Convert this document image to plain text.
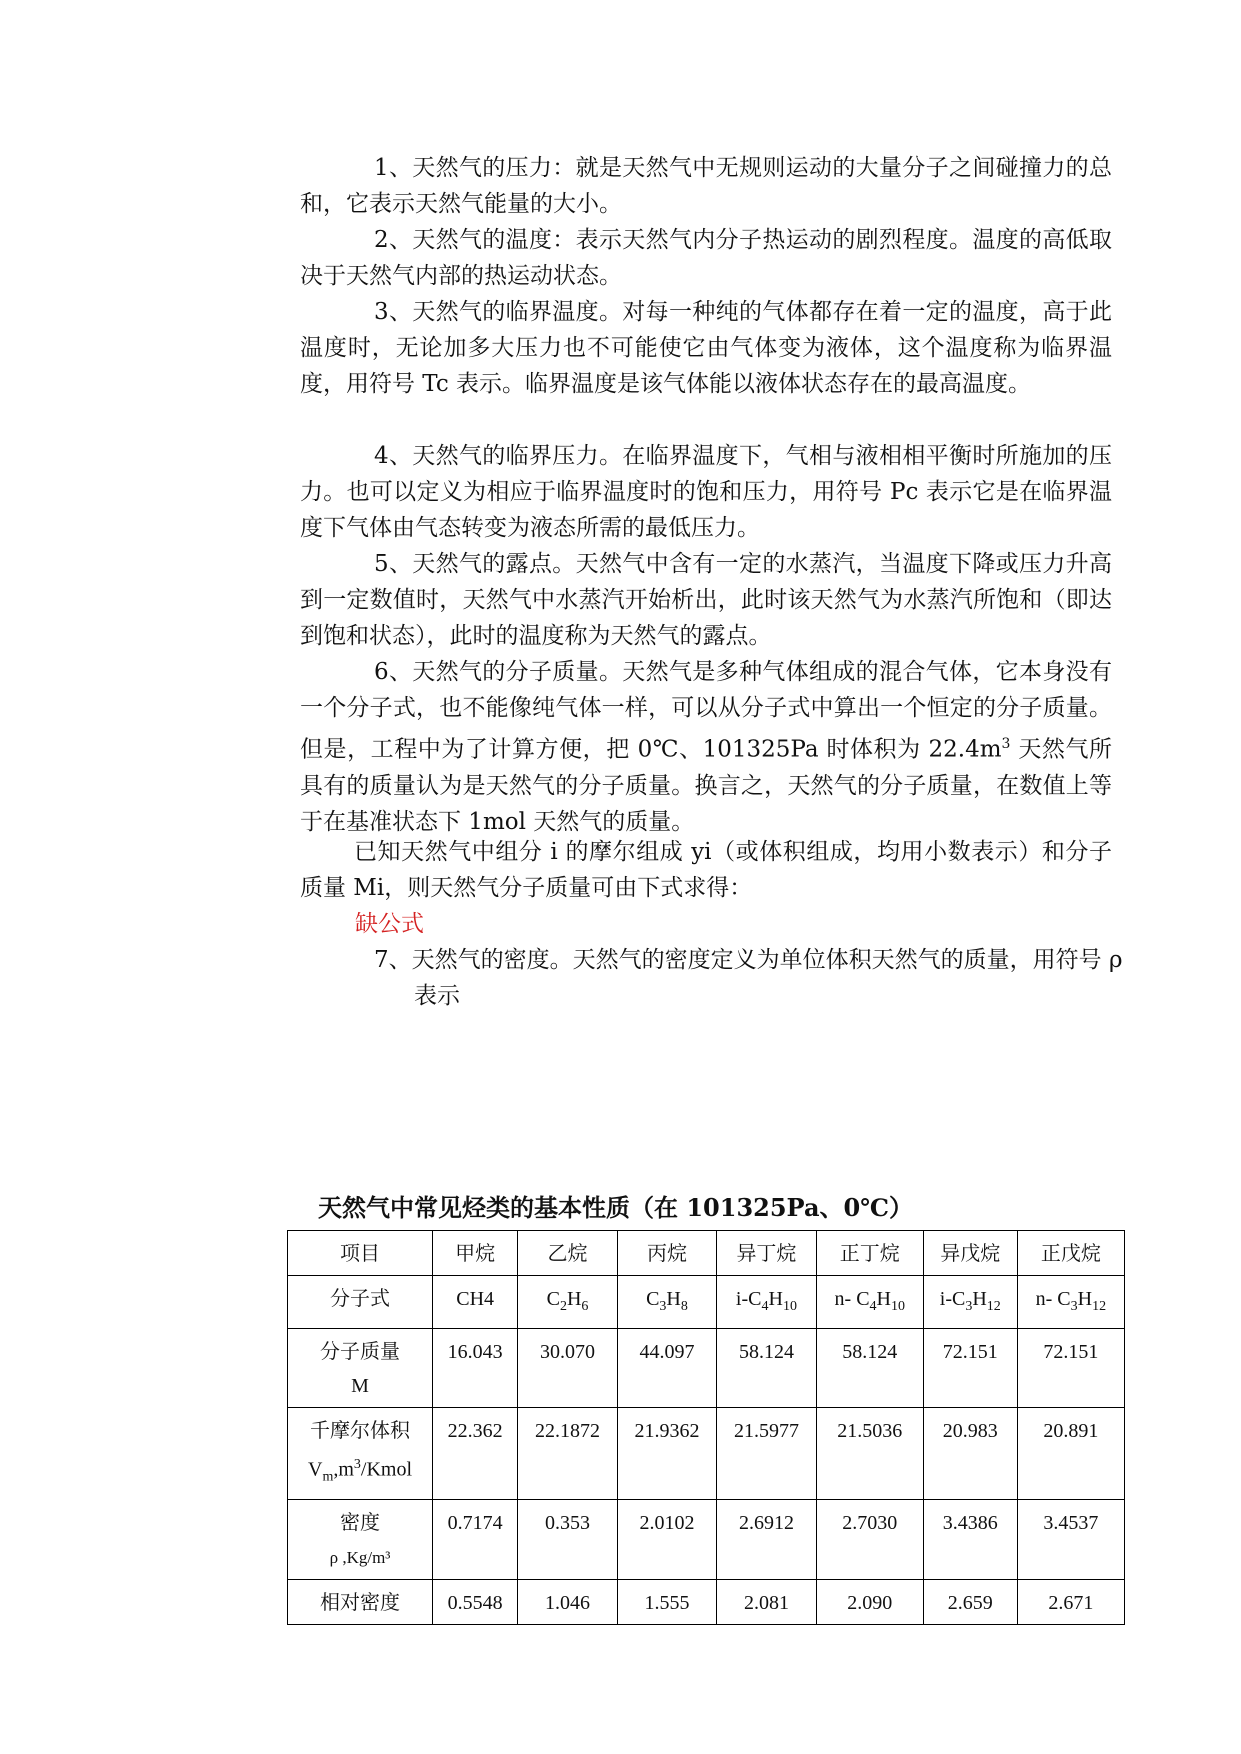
1、天然气的压力：就是天然气中无规则运动的大量分子之间碰撞力的总和，它表示天然气能量的大小。

2、天然气的温度：表示天然气内分子热运动的剧烈程度。温度的高低取决于天然气内部的热运动状态。

3、天然气的临界温度。对每一种纯的气体都存在着一定的温度，高于此温度时，无论加多大压力也不可能使它由气体变为液体，这个温度称为临界温度，用符号 Tc 表示。临界温度是该气体能以液体状态存在的最高温度。

4、天然气的临界压力。在临界温度下，气相与液相相平衡时所施加的压力。也可以定义为相应于临界温度时的饱和压力，用符号 Pc 表示它是在临界温度下气体由气态转变为液态所需的最低压力。

5、天然气的露点。天然气中含有一定的水蒸汽，当温度下降或压力升高到一定数值时，天然气中水蒸汽开始析出，此时该天然气为水蒸汽所饱和（即达到饱和状态），此时的温度称为天然气的露点。

6、天然气的分子质量。天然气是多种气体组成的混合气体，它本身没有一个分子式，也不能像纯气体一样，可以从分子式中算出一个恒定的分子质量。但是，工程中为了计算方便，把 0℃、101325Pa 时体积为 $22.4m^3$ 天然气所具有的质量认为是天然气的分子质量。换言之，天然气的分子质量，在数值上等于在基准状态下 1mol 天然气的质量。

已知天然气中组分 i 的摩尔组成 yi（或体积组成，均用小数表示）和分子质量 Mi，则天然气分子质量可由下式求得：

缺公式

7、天然气的密度。天然气的密度定义为单位体积天然气的质量，用符号 ρ 表示

天然气中常见烃类的基本性质（在 101325Pa、0℃）

项目	甲烷	乙烷	丙烷	异丁烷	正丁烷	异戊烷	正戊烷
分子式	CH4	$C_2H_6$	$C_3H_8$	$i-C_4H_{10}$	n- $C_4H_{10}$	$i-C_3H_{12}$	n- $C_3H_{12}$
分子质量
M	16.043	30.070	44.097	58.124	58.124	72.151	72.151
千摩尔体积
$V_m,m^3$/Kmol	22.362	22.1872	21.9362	21.5977	21.5036	20.983	20.891
密度
ρ ,Kg/m³	0.7174	0.353	2.0102	2.6912	2.7030	3.4386	3.4537
相对密度	0.5548	1.046	1.555	2.081	2.090	2.659	2.671
